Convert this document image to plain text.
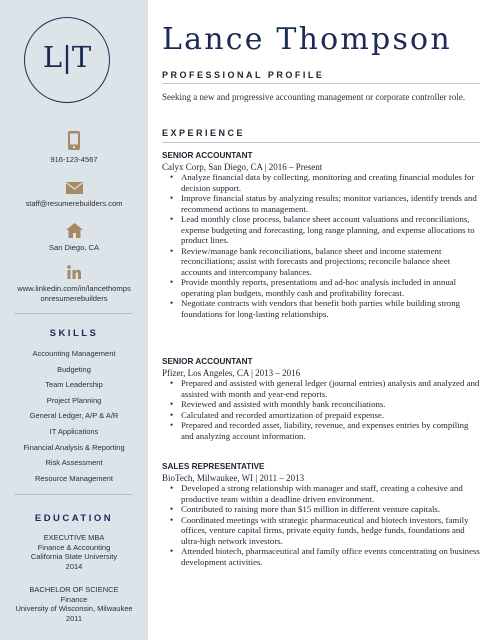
L|T
916-123-4567
staff@resumerebuilders.com
San Diego, CA
www.linkedin.com/in/lancethomps
onresumerebuilders
SKILLS
Accounting Management
Budgeting
Team Leadership
Project Planning
General Ledger, A/P & A/R
IT Applications
Financial Analysis & Reporting
Risk Assessment
Resource Management
EDUCATION
EXECUTIVE MBA
Finance & Accounting
California State University
2014
BACHELOR OF SCIENCE
Finance
University of Wisconsin, Milwaukee
2011
Lance Thompson
PROFESSIONAL PROFILE
Seeking a new and progressive accounting management or corporate controller role.
EXPERIENCE
SENIOR ACCOUNTANT
Calyx Corp, San Diego, CA | 2016 – Present
• Analyze financial data by collecting, monitoring and creating financial modules for decision support.
• Improve financial status by analyzing results; monitor variances, identify trends and recommend actions to management.
• Lead monthly close process, balance sheet account valuations and reconciliations, expense budgeting and forecasting, long range planning, and expense allocations to product lines.
• Review/manage bank reconciliations, balance sheet and income statement reconciliations; assist with forecasts and projections; reconcile balance sheet accounts and intercompany balances.
• Provide monthly reports, presentations and ad-hoc analysis included in annual operating plan budgets, monthly cash and profitability forecast.
• Negotiate contracts with vendors that benefit both parties while building strong foundations for long-lasting relationships.
SENIOR ACCOUNTANT
Pfizer, Los Angeles, CA | 2013 – 2016
• Prepared and assisted with general ledger (journal entries) analysis and analyzed and assisted with month and year-end reports.
• Reviewed and assisted with monthly bank reconciliations.
• Calculated and recorded amortization of prepaid expense.
• Prepared and recorded asset, liability, revenue, and expenses entries by compiling and analyzing account information.
SALES REPRESENTATIVE
BioTech, Milwaukee, WI | 2011 – 2013
• Developed a strong relationship with manager and staff, creating a cohesive and productive team within a deadline driven environment.
• Contributed to raising more than $15 million in different venture capitals.
• Coordinated meetings with strategic pharmaceutical and biotech investors, family offices, venture capital firms, private equity funds, hedge funds, foundations and ultra-high network investors.
• Attended biotech, pharmaceutical and family office events concentrating on business development activities.
